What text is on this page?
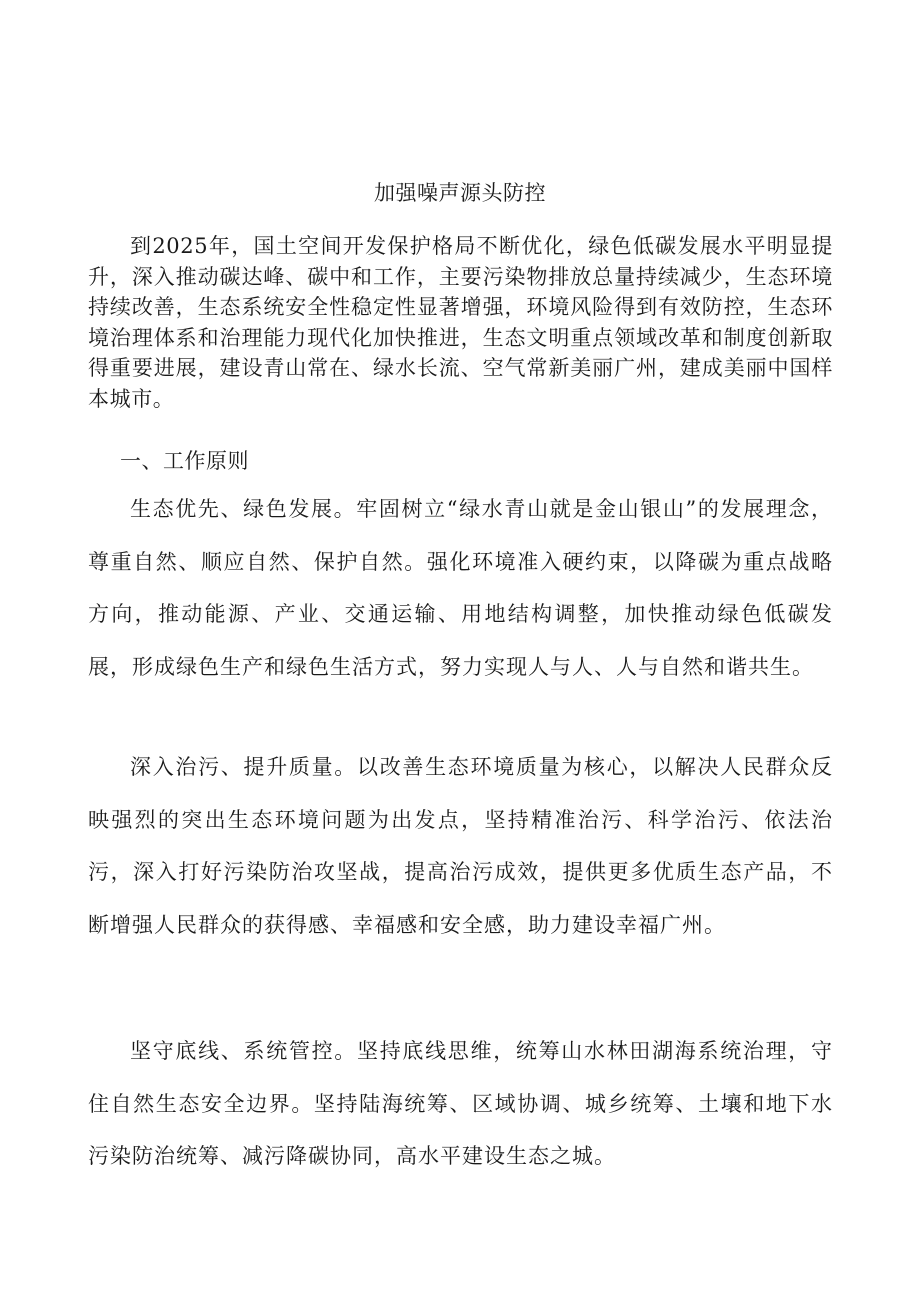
加强噪声源头防控

到2025年，国土空间开发保护格局不断优化，绿色低碳发展水平明显提升，深入推动碳达峰、碳中和工作，主要污染物排放总量持续减少，生态环境持续改善，生态系统安全性稳定性显著增强，环境风险得到有效防控，生态环境治理体系和治理能力现代化加快推进，生态文明重点领域改革和制度创新取得重要进展，建设青山常在、绿水长流、空气常新美丽广州，建成美丽中国样本城市。

一、工作原则

生态优先、绿色发展。牢固树立“绿水青山就是金山银山”的发展理念，尊重自然、顺应自然、保护自然。强化环境准入硬约束，以降碳为重点战略方向，推动能源、产业、交通运输、用地结构调整，加快推动绿色低碳发展，形成绿色生产和绿色生活方式，努力实现人与人、人与自然和谐共生。

深入治污、提升质量。以改善生态环境质量为核心，以解决人民群众反映强烈的突出生态环境问题为出发点，坚持精准治污、科学治污、依法治污，深入打好污染防治攻坚战，提高治污成效，提供更多优质生态产品，不断增强人民群众的获得感、幸福感和安全感，助力建设幸福广州。

坚守底线、系统管控。坚持底线思维，统筹山水林田湖海系统治理，守住自然生态安全边界。坚持陆海统筹、区域协调、城乡统筹、土壤和地下水污染防治统筹、减污降碳协同，高水平建设生态之城。
